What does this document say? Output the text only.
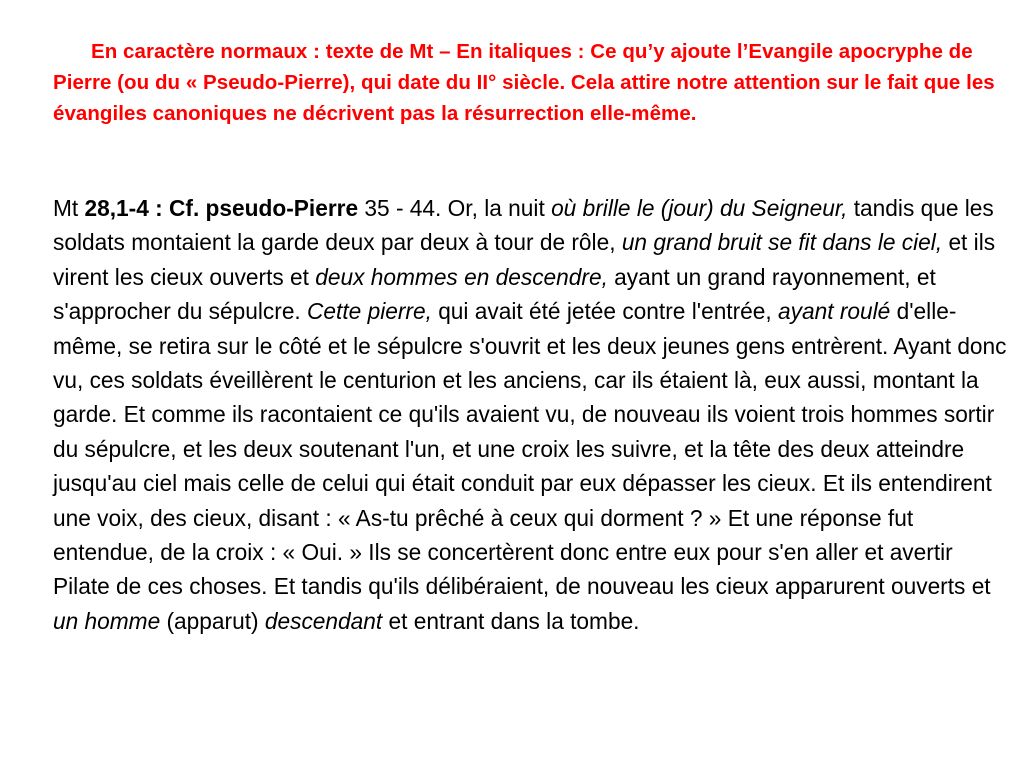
En caractère normaux : texte de Mt – En italiques : Ce qu’y ajoute l’Evangile apocryphe de Pierre (ou du « Pseudo-Pierre), qui date du II° siècle. Cela attire notre attention sur le fait que les évangiles canoniques ne décrivent pas la résurrection elle-même.

Mt 28,1-4 : Cf. pseudo-Pierre 35 - 44. Or, la nuit où brille le (jour) du Seigneur, tandis que les soldats montaient la garde deux par deux à tour de rôle, un grand bruit se fit dans le ciel, et ils virent les cieux ouverts et deux hommes en descendre, ayant un grand rayonnement, et s'approcher du sépulcre. Cette pierre, qui avait été jetée contre l'entrée, ayant roulé d'elle-même, se retira sur le côté et le sépulcre s'ouvrit et les deux jeunes gens entrèrent. Ayant donc vu, ces soldats éveillèrent le centurion et les anciens, car ils étaient là, eux aussi, montant la garde. Et comme ils racontaient ce qu'ils avaient vu, de nouveau ils voient trois hommes sortir du sépulcre, et les deux soutenant l'un, et une croix les suivre, et la tête des deux atteindre jusqu'au ciel mais celle de celui qui était conduit par eux dépasser les cieux. Et ils entendirent une voix, des cieux, disant : « As-tu prêché à ceux qui dorment ? » Et une réponse fut entendue, de la croix : « Oui. » Ils se concertèrent donc entre eux pour s'en aller et avertir Pilate de ces choses. Et tandis qu'ils délibéraient, de nouveau les cieux apparurent ouverts et un homme (apparut) descendant et entrant dans la tombe.
